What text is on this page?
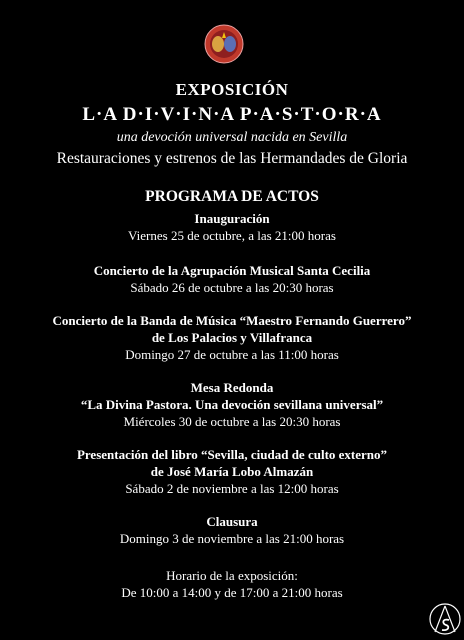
EXPOSICIÓN
L·A D·I·V·I·N·A P·A·S·T·O·R·A
una devoción universal nacida en Sevilla
Restauraciones y estrenos de las Hermandades de Gloria
PROGRAMA DE ACTOS
Inauguración
Viernes 25 de octubre, a las 21:00 horas
Concierto de la Agrupación Musical Santa Cecilia
Sábado 26 de octubre a las 20:30 horas
Concierto de la Banda de Música “Maestro Fernando Guerrero”
de Los Palacios y Villafranca
Domingo 27 de octubre a las 11:00 horas
Mesa Redonda
“La Divina Pastora. Una devoción sevillana universal”
Miércoles 30 de octubre a las 20:30 horas
Presentación del libro “Sevilla, ciudad de culto externo”
de José María Lobo Almazán
Sábado 2 de noviembre a las 12:00 horas
Clausura
Domingo 3 de noviembre a las 21:00 horas
Horario de la exposición:
De 10:00 a 14:00 y de 17:00 a 21:00 horas
